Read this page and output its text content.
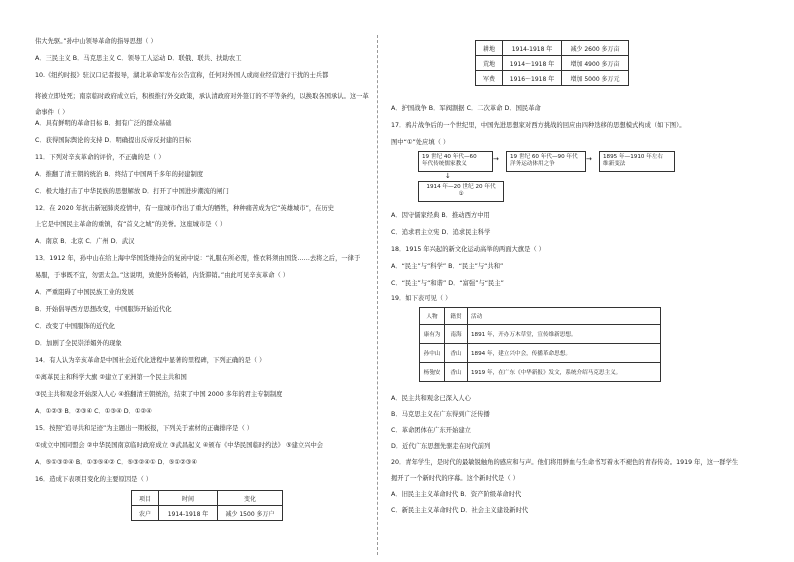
伟大先驱。”孙中山领导革命的指导思想（ ）
A．三民主义 B．马克思主义 C．领导工人运动 D．联俄、联共、扶助农工
10.《纽约时报》驻汉口记者报导，湖北革命军发布公告宣称，任何对外国人或商业经营进行干扰的士兵都
将被立即处死；南京临时政府成立后，积极推行外交政策，承认清政府对外签订的不平等条约，以换取各国承认。这一革命事件（ ）
A．具有鲜明的革命目标 B．拥有广泛的群众基础
C．获得国际舆论的支持 D．明确提出反帝反封建的目标
11．下列对辛亥革命的评价，不正确的是（ ）
A．推翻了清王朝的统治 B．终结了中国两千多年的封建制度
C．极大地打击了中华民族的思想解放 D．打开了中国进步潮流的闸门
12．在 2020 年抗击新冠肺炎疫情中，有一座城市作出了重大的牺牲，种种痛苦成为它“英雄城市”，在历史
上它是中国民主革命的重镇，有“首义之城”的美誉。这座城市是（ ）
A．南京 B．北京 C．广州 D．武汉
13．1912 年，孙中山在给上海中华国货维持会的复函中说：“礼服在所必需，惟衣料须由国货……去将之后，一律于
易服，于事既不宜，勿需太急。”这说明，致使外货畅销，内货滞销。”由此可见辛亥革命（ ）
A．严重阻碍了中国民族工业的发展
B．开始倡导西方思想改变，中国服饰开始近代化
C．改变了中国服饰的近代化
D．加剧了全民崇洋媚外的现象
14．有人认为辛亥革命是中国社会近代化进程中显著的里程碑，下列正确的是（ ）
①离革民主和科学大旗 ②建立了亚洲第一个民主共和国
③民主共和观念开始深入人心 ④推翻清王朝统治，结束了中国 2000 多年的君主专制制度
A．①②③ B．②③④ C．①③④ D．①②④
15．按照“追寻共和足迹”为主题出一期板报，下列关于素材的正确排序是（ ）
①成立中国同盟会 ②中华民国南京临时政府成立 ③武昌起义 ④颁布《中华民国临时约法》 ⑤建立兴中会
A．⑤①③②④ B．①③⑤④② C．⑤③②④① D．⑤①②③④
16．造成下表项目变化的主要原因是（ ）
项目	时间	变化
农户	1914-1918 年	减少 1500 多万户
耕地	1914-1918 年	减少 2600 多万亩
荒地	1914～1918 年	增加 4900 多万亩
军费	1916～1918 年	增加 5000 多万元
A．护国战争 B．军阀割据 C．二次革命 D．国民革命
17．鸦片战争后的一个世纪里，中国先进思想家对西方挑战的回应由四种迭移的思想模式构成（如下图）。
图中“①”处应填（ ）
19 世纪 40 年代—60
年代传统儒家教义
→	19 世纪 60 年代—90 年代
洋务运动体用之争
→	1895 年—1910 年左右
维新变法
↓
1914 年—20 世纪 20 年代
①
A．因守儒家经典 B．推动西方中用
C．追求君主立宪 D．追求民主科学
18．1915 年兴起的新文化运动高举的两面大旗是（ ）
A．“民主”与“科学” B．“民主”与“共和”
C．“民主”与“和谐” D．“富强”与“民主”
19．如下表可见（ ）
人物	籍贯	活动
康有为	南海	1891 年，开办万木草堂，宣传维新思想。
孙中山	香山	1894 年，建立兴中会，传播革命思想。
杨匏安	香山	1919 年，在广东《中华新报》发文，系统介绍马克思主义。
A．民主共和观念已深入人心
B．马克思主义在广东得到广泛传播
C．革命团体在广东开始建立
D．近代广东思想先驱走在时代前列
20．青年学生，是时代的最敏锐触角的感应和与声。他们将用鲜血与生命书写着永不褪色的青春传奇。1919 年，这一群学生
揭开了一个新时代的序幕。这个新时代是（ ）
A．旧民主主义革命时代 B．资产阶级革命时代
C．新民主主义革命时代 D．社会主义建设新时代
